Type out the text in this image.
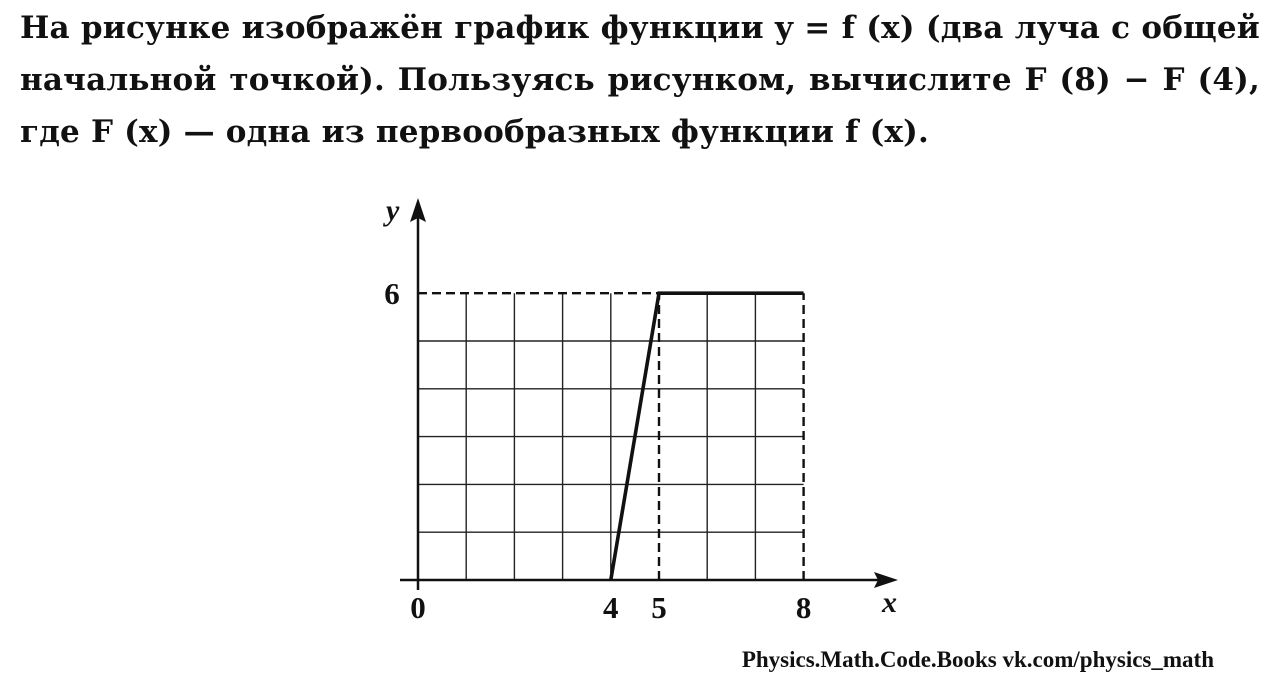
На рисунке изображён график функции y = f (x) (два луча с общей
начальной точкой). Пользуясь рисунком, вычислите F (8) − F (4),
где F (x) — одна из первообразных функции f (x).
x
y
0	4 5	8
6
Physics.Math.Code.Books vk.com/physics_math
